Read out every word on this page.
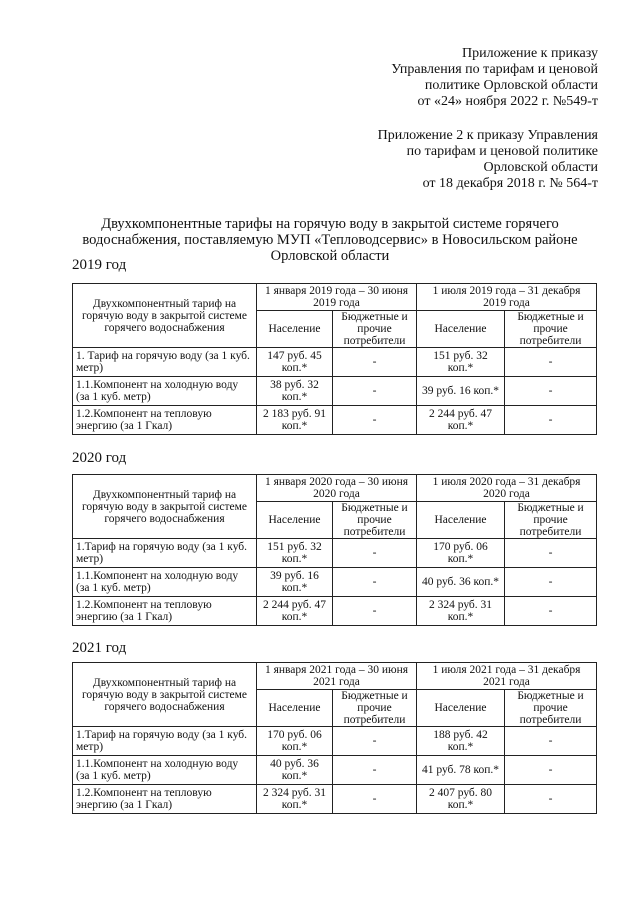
Приложение к приказу
Управления по тарифам и ценовой
политике Орловской области
от «24» ноября 2022 г. №549-т
Приложение 2 к приказу Управления
по тарифам и ценовой политике
Орловской области
от 18 декабря 2018 г. № 564-т
Двухкомпонентные тарифы на горячую воду в закрытой системе горячего
водоснабжения, поставляемую МУП «Тепловодсервис» в Новосильском районе
Орловской области
2019 год
Двухкомпонентный тариф на горячую воду в закрытой системе горячего водоснабжения	1 января 2019 года – 30 июня 2019 года		1 июля 2019 года – 31 декабря 2019 года	
	Население	Бюджетные и прочие потребители	Население	Бюджетные и прочие потребители
1. Тариф на горячую воду (за 1 куб. метр)	147 руб. 45 коп.*	-	151 руб. 32 коп.*	-
1.1.Компонент на холодную воду (за 1 куб. метр)	38 руб. 32 коп.*	-	39 руб. 16 коп.*	-
1.2.Компонент на тепловую энергию (за 1 Гкал)	2 183 руб. 91 коп.*	-	2 244 руб. 47 коп.*	-
2020 год
Двухкомпонентный тариф на горячую воду в закрытой системе горячего водоснабжения	1 января 2020 года – 30 июня 2020 года		1 июля 2020 года – 31 декабря 2020 года	
	Население	Бюджетные и прочие потребители	Население	Бюджетные и прочие потребители
1.Тариф на горячую воду (за 1 куб. метр)	151 руб. 32 коп.*	-	170 руб. 06 коп.*	-
1.1.Компонент на холодную воду (за 1 куб. метр)	39 руб. 16 коп.*	-	40 руб. 36 коп.*	-
1.2.Компонент на тепловую энергию (за 1 Гкал)	2 244 руб. 47 коп.*	-	2 324 руб. 31 коп.*	-
2021 год
Двухкомпонентный тариф на горячую воду в закрытой системе горячего водоснабжения	1 января 2021 года – 30 июня 2021 года		1 июля 2021 года – 31 декабря 2021 года	
	Население	Бюджетные и прочие потребители	Население	Бюджетные и прочие потребители
1.Тариф на горячую воду (за 1 куб. метр)	170 руб. 06 коп.*	-	188 руб. 42 коп.*	-
1.1.Компонент на холодную воду (за 1 куб. метр)	40 руб. 36 коп.*	-	41 руб. 78 коп.*	-
1.2.Компонент на тепловую энергию (за 1 Гкал)	2 324 руб. 31 коп.*	-	2 407 руб. 80 коп.*	-
